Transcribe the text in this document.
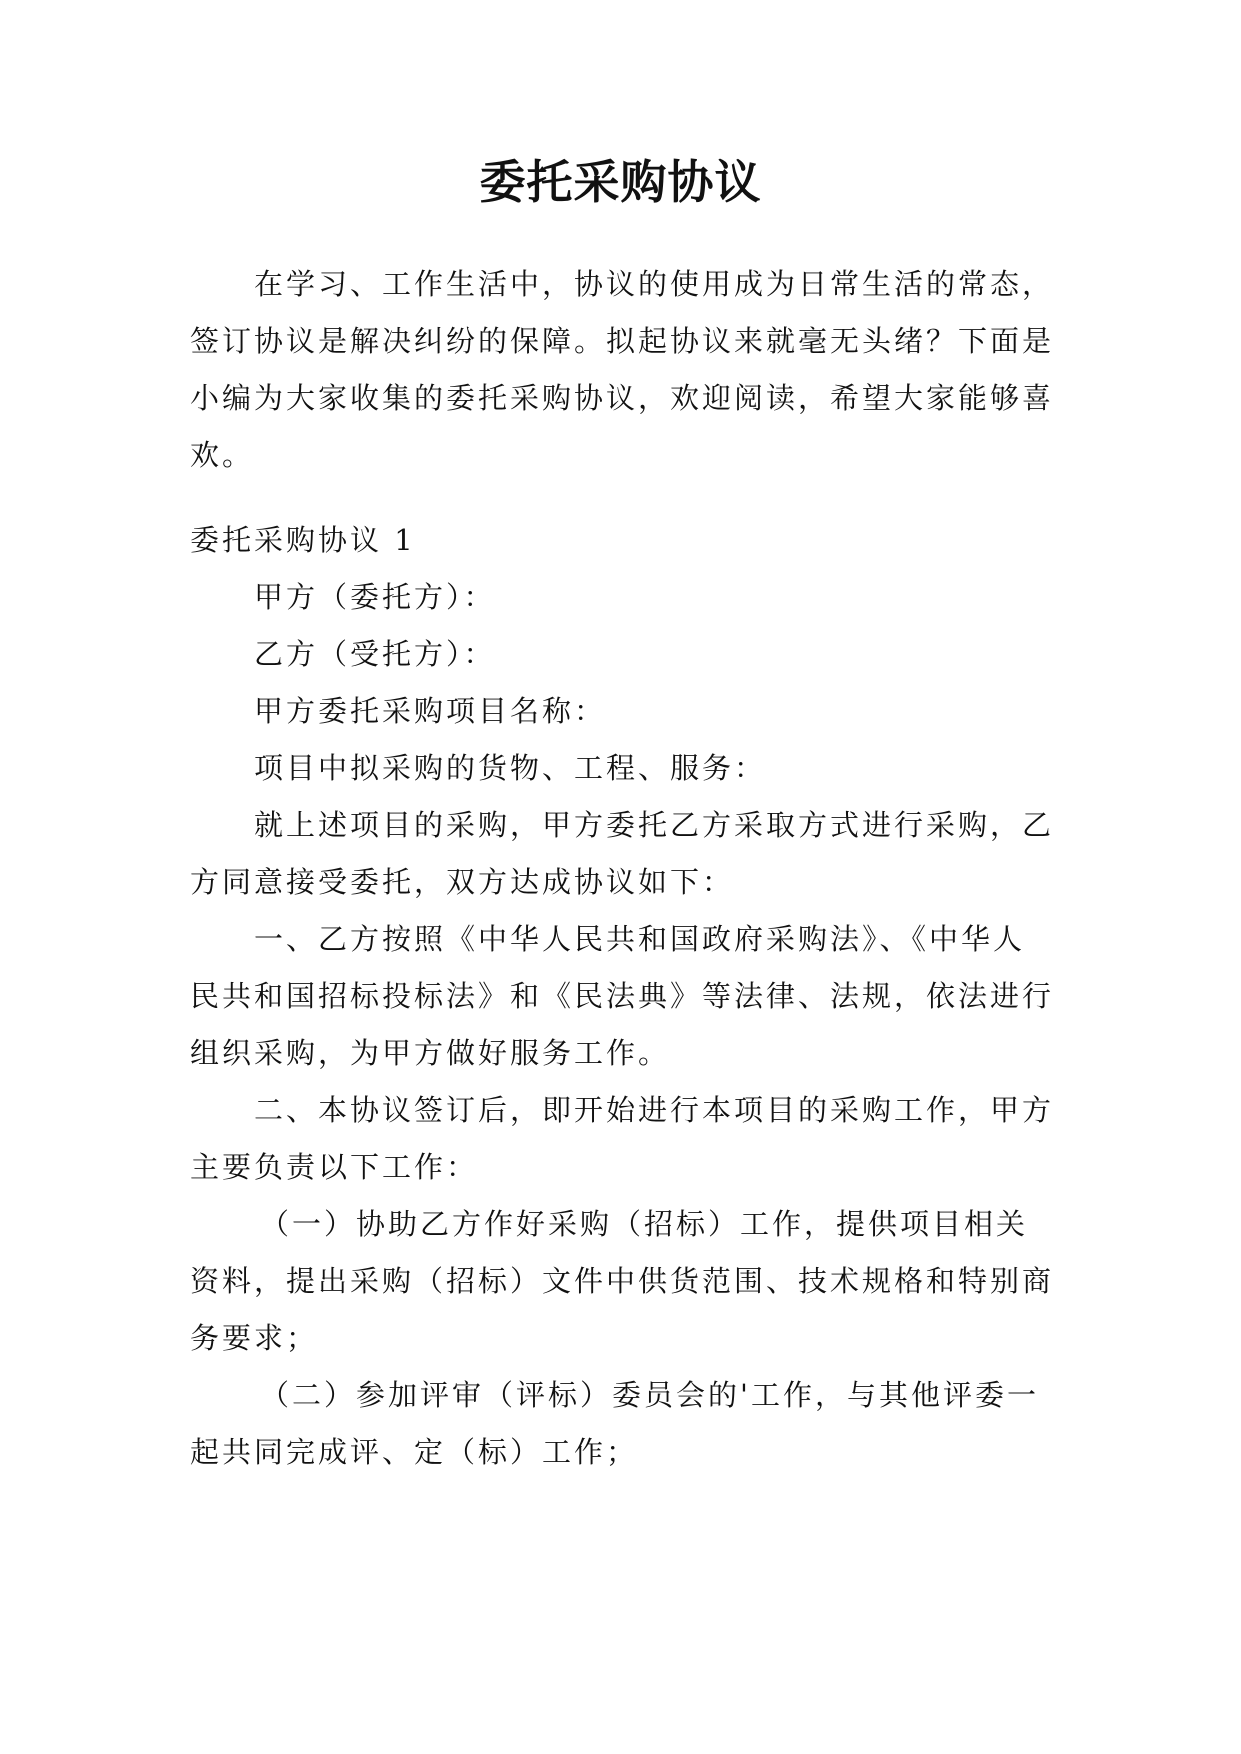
委托采购协议

在学习、工作生活中，协议的使用成为日常生活的常态，签订协议是解决纠纷的保障。拟起协议来就毫无头绪？下面是小编为大家收集的委托采购协议，欢迎阅读，希望大家能够喜欢。

委托采购协议 1

甲方（委托方）：

乙方（受托方）：

甲方委托采购项目名称：

项目中拟采购的货物、工程、服务：

就上述项目的采购，甲方委托乙方采取方式进行采购，乙方同意接受委托，双方达成协议如下：

一、乙方按照《中华人民共和国政府采购法》、《中华人民共和国招标投标法》和《民法典》等法律、法规，依法进行组织采购，为甲方做好服务工作。

二、本协议签订后，即开始进行本项目的采购工作，甲方主要负责以下工作：

（一）协助乙方作好采购（招标）工作，提供项目相关资料，提出采购（招标）文件中供货范围、技术规格和特别商务要求；

（二）参加评审（评标）委员会的'工作，与其他评委一起共同完成评、定（标）工作；
